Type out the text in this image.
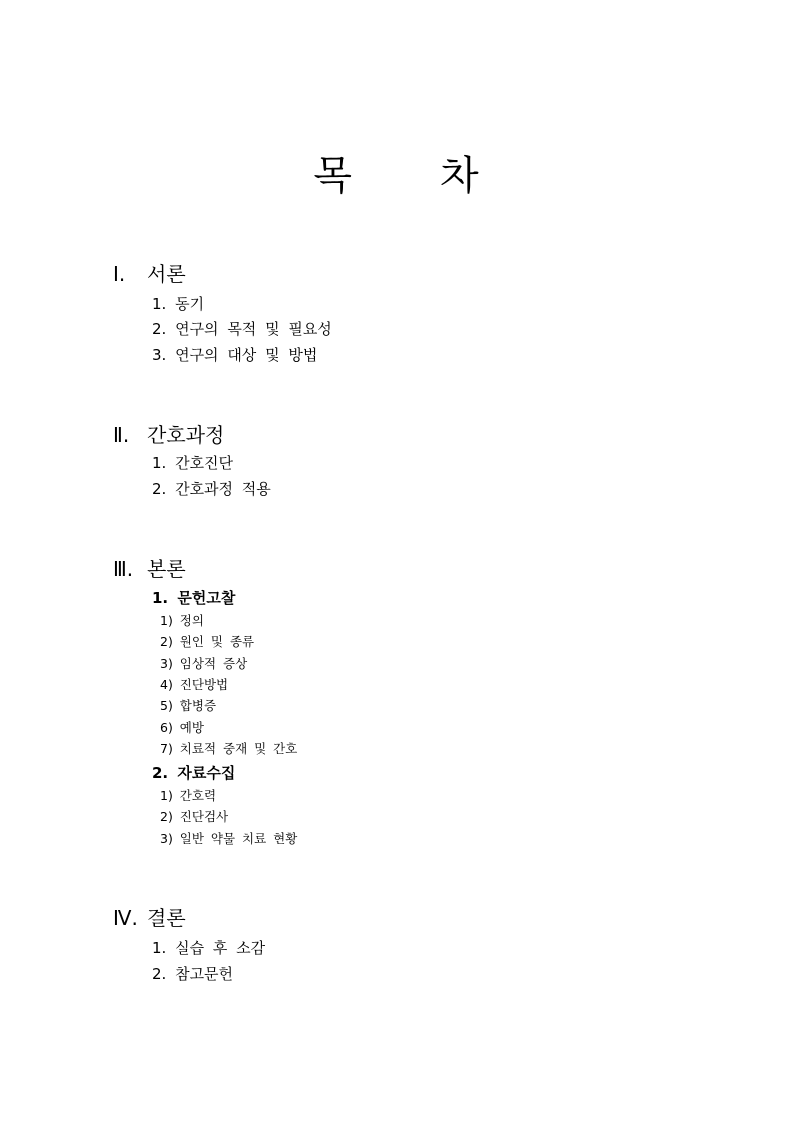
목 차
Ⅰ. 서론
1. 동기
2. 연구의 목적 및 필요성
3. 연구의 대상 및 방법
Ⅱ. 간호과정
1. 간호진단
2. 간호과정 적용
Ⅲ. 본론
1. 문헌고찰
1) 정의
2) 원인 및 종류
3) 임상적 증상
4) 진단방법
5) 합병증
6) 예방
7) 치료적 중재 및 간호
2. 자료수집
1) 간호력
2) 진단검사
3) 일반 약물 치료 현황
Ⅳ. 결론
1. 실습 후 소감
2. 참고문헌
